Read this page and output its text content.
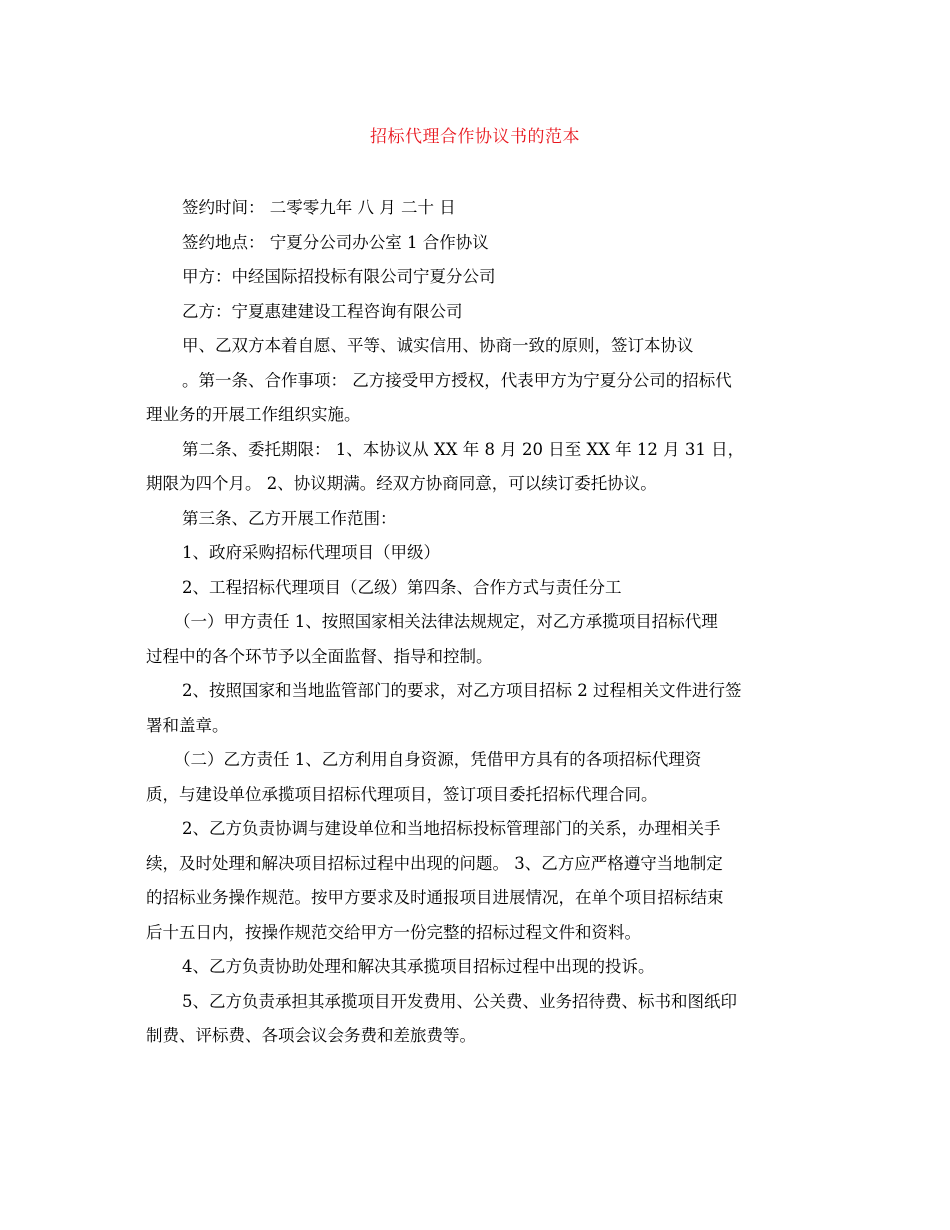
招标代理合作协议书的范本
签约时间： 二零零九年 八 月 二十 日
签约地点： 宁夏分公司办公室 1 合作协议
甲方：中经国际招投标有限公司宁夏分公司
乙方：宁夏惠建建设工程咨询有限公司
甲、乙双方本着自愿、平等、诚实信用、协商一致的原则，签订本协议
。第一条、合作事项： 乙方接受甲方授权，代表甲方为宁夏分公司的招标代
理业务的开展工作组织实施。
第二条、委托期限： 1、本协议从 XX 年 8 月 20 日至 XX 年 12 月 31 日，
期限为四个月。 2、协议期满。经双方协商同意，可以续订委托协议。
第三条、乙方开展工作范围：
1、政府采购招标代理项目（甲级）
2、工程招标代理项目（乙级）第四条、合作方式与责任分工
（一）甲方责任 1、按照国家相关法律法规规定，对乙方承揽项目招标代理
过程中的各个环节予以全面监督、指导和控制。
2、按照国家和当地监管部门的要求，对乙方项目招标 2 过程相关文件进行签
署和盖章。
（二）乙方责任 1、乙方利用自身资源，凭借甲方具有的各项招标代理资
质，与建设单位承揽项目招标代理项目，签订项目委托招标代理合同。
2、乙方负责协调与建设单位和当地招标投标管理部门的关系，办理相关手
续，及时处理和解决项目招标过程中出现的问题。 3、乙方应严格遵守当地制定
的招标业务操作规范。按甲方要求及时通报项目进展情况，在单个项目招标结束
后十五日内，按操作规范交给甲方一份完整的招标过程文件和资料。
4、乙方负责协助处理和解决其承揽项目招标过程中出现的投诉。
5、乙方负责承担其承揽项目开发费用、公关费、业务招待费、标书和图纸印
制费、评标费、各项会议会务费和差旅费等。
